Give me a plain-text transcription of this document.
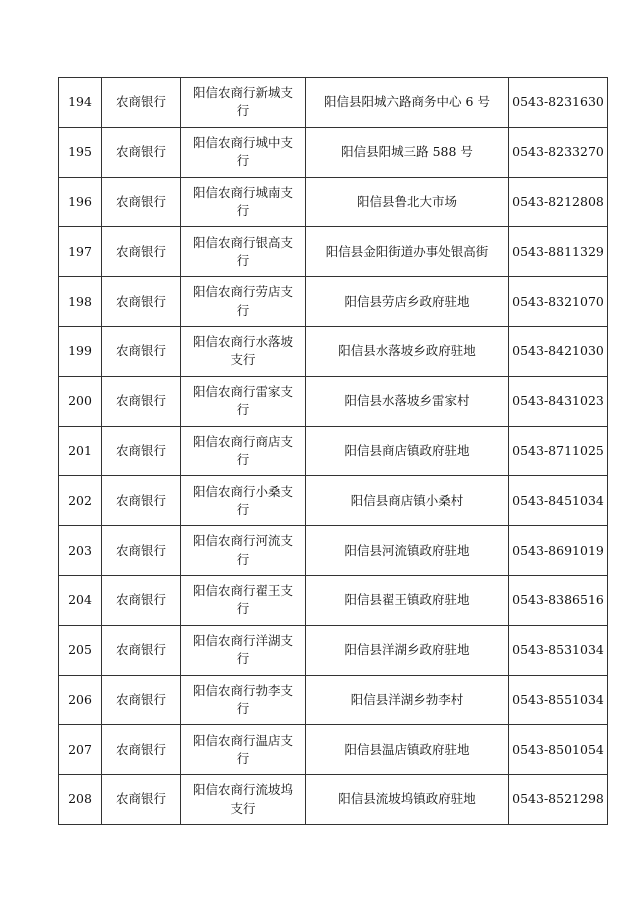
194	农商银行	阳信农商行新城支行	阳信县阳城六路商务中心 6 号	0543-8231630
195	农商银行	阳信农商行城中支行	阳信县阳城三路 588 号	0543-8233270
196	农商银行	阳信农商行城南支行	阳信县鲁北大市场	0543-8212808
197	农商银行	阳信农商行银高支行	阳信县金阳街道办事处银高街	0543-8811329
198	农商银行	阳信农商行劳店支行	阳信县劳店乡政府驻地	0543-8321070
199	农商银行	阳信农商行水落坡支行	阳信县水落坡乡政府驻地	0543-8421030
200	农商银行	阳信农商行雷家支行	阳信县水落坡乡雷家村	0543-8431023
201	农商银行	阳信农商行商店支行	阳信县商店镇政府驻地	0543-8711025
202	农商银行	阳信农商行小桑支行	阳信县商店镇小桑村	0543-8451034
203	农商银行	阳信农商行河流支行	阳信县河流镇政府驻地	0543-8691019
204	农商银行	阳信农商行翟王支行	阳信县翟王镇政府驻地	0543-8386516
205	农商银行	阳信农商行洋湖支行	阳信县洋湖乡政府驻地	0543-8531034
206	农商银行	阳信农商行勃李支行	阳信县洋湖乡勃李村	0543-8551034
207	农商银行	阳信农商行温店支行	阳信县温店镇政府驻地	0543-8501054
208	农商银行	阳信农商行流坡坞支行	阳信县流坡坞镇政府驻地	0543-8521298
